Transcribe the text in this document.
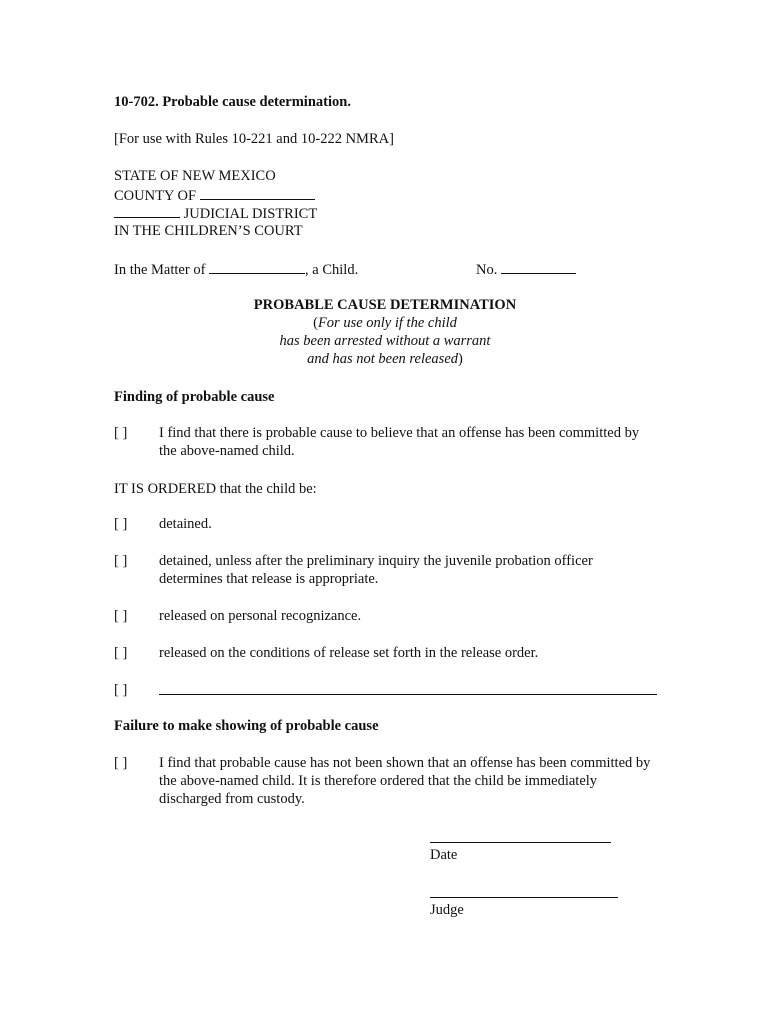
10-702. Probable cause determination.
[For use with Rules 10-221 and 10-222 NMRA]
STATE OF NEW MEXICO
COUNTY OF
JUDICIAL DISTRICT
IN THE CHILDREN’S COURT
In the Matter of	, a Child.	No.
PROBABLE CAUSE DETERMINATION
(For use only if the child
has been arrested without a warrant
and has not been released)
Finding of probable cause
[ ] I find that there is probable cause to believe that an offense has been committed by the above-named child.
IT IS ORDERED that the child be:
[ ] detained.
[ ] detained, unless after the preliminary inquiry the juvenile probation officer determines that release is appropriate.
[ ] released on personal recognizance.
[ ] released on the conditions of release set forth in the release order.
[ ]
Failure to make showing of probable cause
[ ] I find that probable cause has not been shown that an offense has been committed by the above-named child. It is therefore ordered that the child be immediately discharged from custody.
Date
Judge
